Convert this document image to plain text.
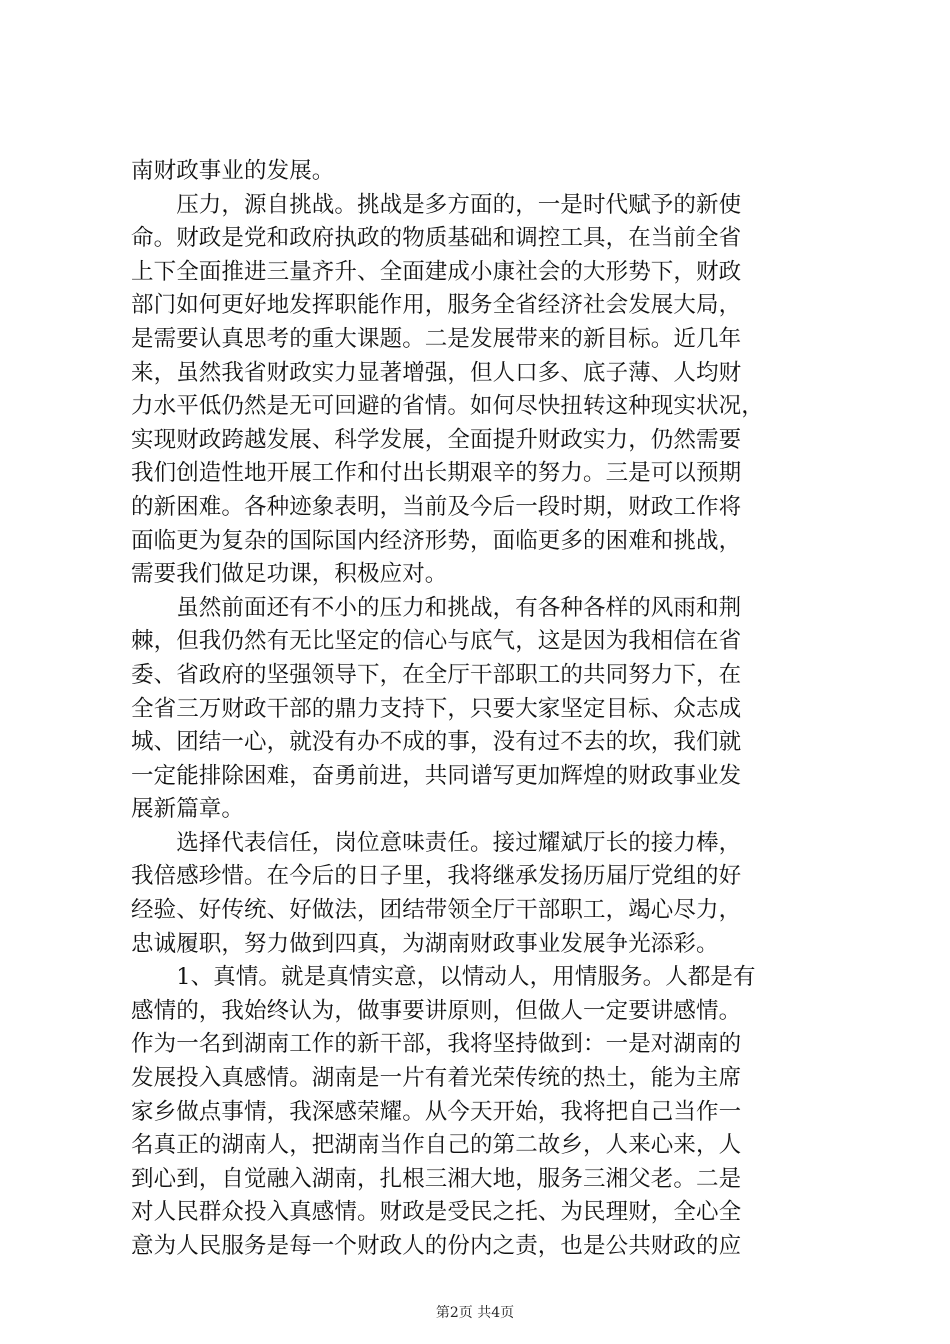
南财政事业的发展。
　　压力，源自挑战。挑战是多方面的，一是时代赋予的新使
命。财政是党和政府执政的物质基础和调控工具，在当前全省
上下全面推进三量齐升、全面建成小康社会的大形势下，财政
部门如何更好地发挥职能作用，服务全省经济社会发展大局，
是需要认真思考的重大课题。二是发展带来的新目标。近几年
来，虽然我省财政实力显著增强，但人口多、底子薄、人均财
力水平低仍然是无可回避的省情。如何尽快扭转这种现实状况，
实现财政跨越发展、科学发展，全面提升财政实力，仍然需要
我们创造性地开展工作和付出长期艰辛的努力。三是可以预期
的新困难。各种迹象表明，当前及今后一段时期，财政工作将
面临更为复杂的国际国内经济形势，面临更多的困难和挑战，
需要我们做足功课，积极应对。
　　虽然前面还有不小的压力和挑战，有各种各样的风雨和荆
棘，但我仍然有无比坚定的信心与底气，这是因为我相信在省
委、省政府的坚强领导下，在全厅干部职工的共同努力下，在
全省三万财政干部的鼎力支持下，只要大家坚定目标、众志成
城、团结一心，就没有办不成的事，没有过不去的坎，我们就
一定能排除困难，奋勇前进，共同谱写更加辉煌的财政事业发
展新篇章。
　　选择代表信任，岗位意味责任。接过耀斌厅长的接力棒，
我倍感珍惜。在今后的日子里，我将继承发扬历届厅党组的好
经验、好传统、好做法，团结带领全厅干部职工，竭心尽力，
忠诚履职，努力做到四真，为湖南财政事业发展争光添彩。
　　1、真情。就是真情实意，以情动人，用情服务。人都是有
感情的，我始终认为，做事要讲原则，但做人一定要讲感情。
作为一名到湖南工作的新干部，我将坚持做到：一是对湖南的
发展投入真感情。湖南是一片有着光荣传统的热土，能为主席
家乡做点事情，我深感荣耀。从今天开始，我将把自己当作一
名真正的湖南人，把湖南当作自己的第二故乡，人来心来，人
到心到，自觉融入湖南，扎根三湘大地，服务三湘父老。二是
对人民群众投入真感情。财政是受民之托、为民理财，全心全
意为人民服务是每一个财政人的份内之责，也是公共财政的应
第2页 共4页
